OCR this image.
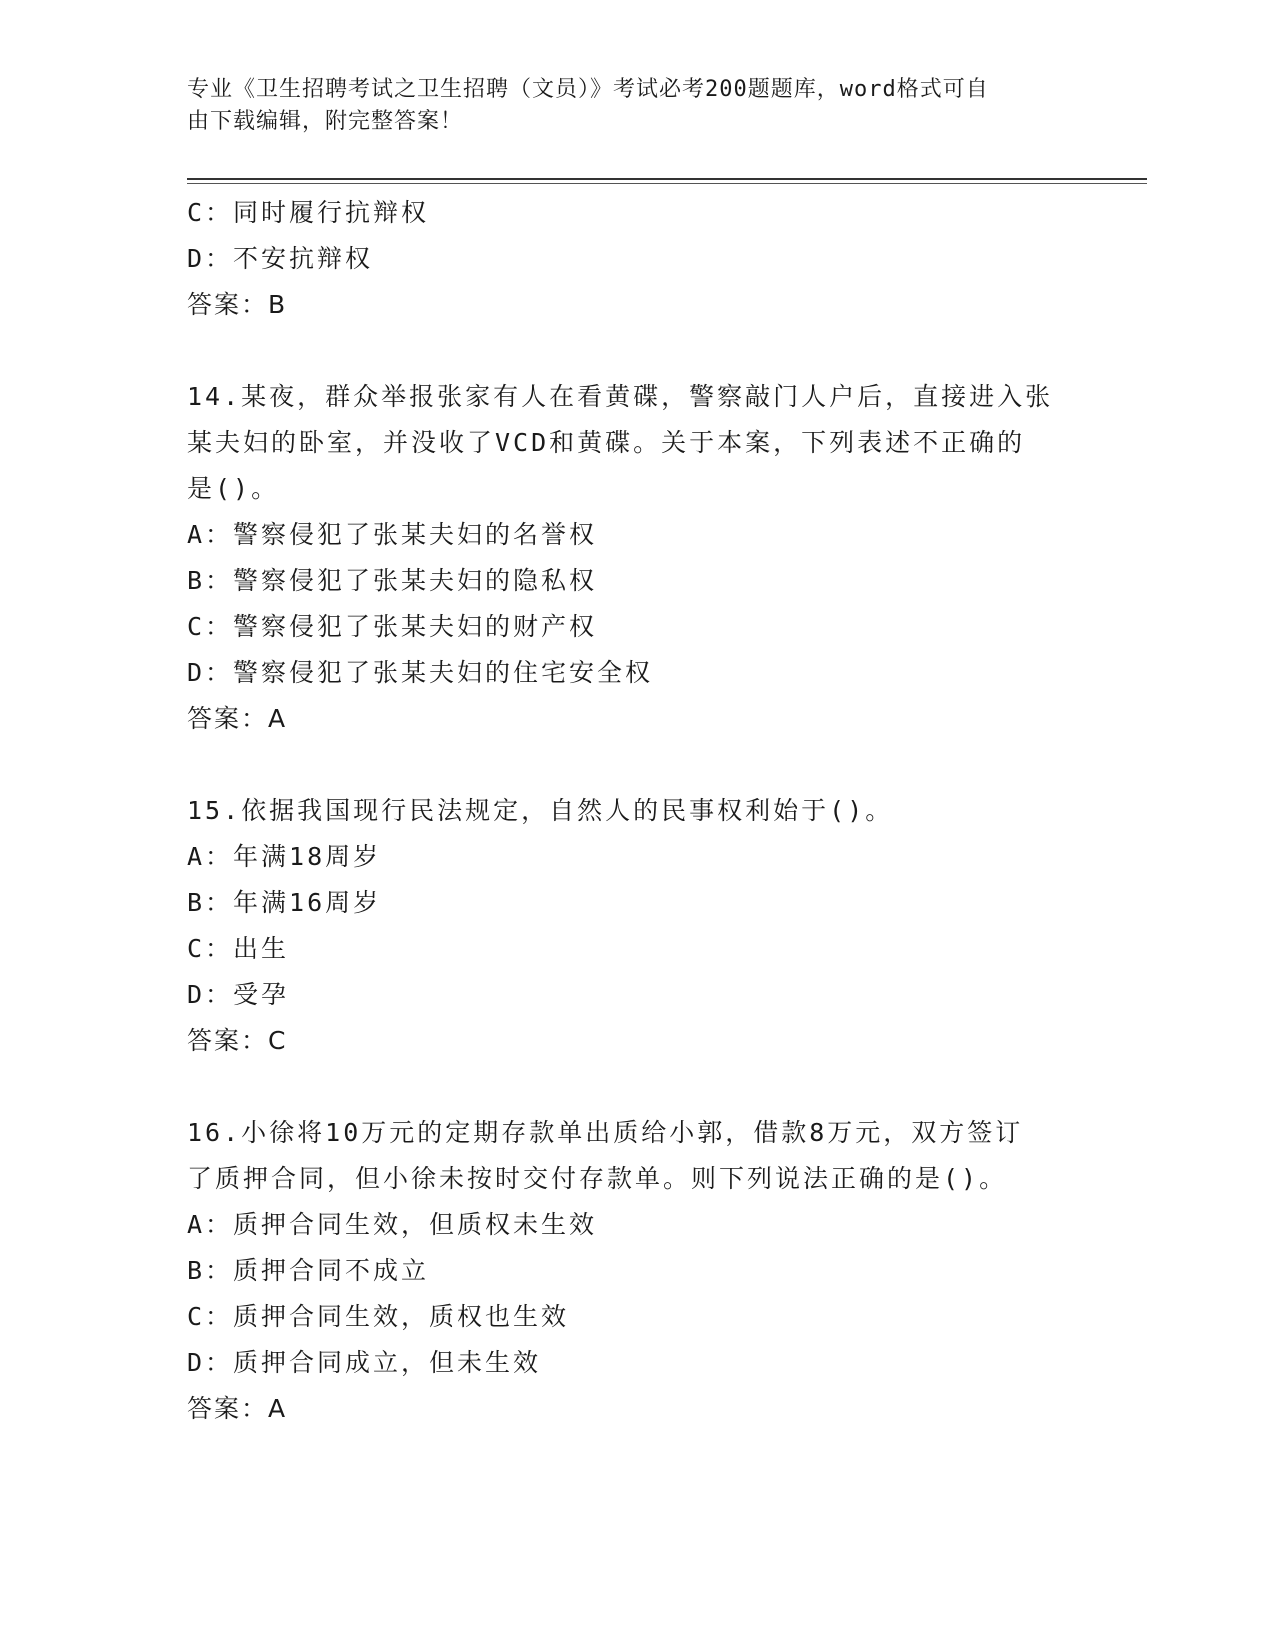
专业《卫生招聘考试之卫生招聘（文员）》考试必考200题题库，word格式可自
由下载编辑，附完整答案！
C：同时履行抗辩权
D：不安抗辩权
答案：B
14.某夜，群众举报张家有人在看黄碟，警察敲门人户后，直接进入张
某夫妇的卧室，并没收了VCD和黄碟。关于本案，下列表述不正确的
是()。
A：警察侵犯了张某夫妇的名誉权
B：警察侵犯了张某夫妇的隐私权
C：警察侵犯了张某夫妇的财产权
D：警察侵犯了张某夫妇的住宅安全权
答案：A
15.依据我国现行民法规定，自然人的民事权利始于()。
A：年满18周岁
B：年满16周岁
C：出生
D：受孕
答案：C
16.小徐将10万元的定期存款单出质给小郭，借款8万元，双方签订
了质押合同，但小徐未按时交付存款单。则下列说法正确的是()。
A：质押合同生效，但质权未生效
B：质押合同不成立
C：质押合同生效，质权也生效
D：质押合同成立，但未生效
答案：A
